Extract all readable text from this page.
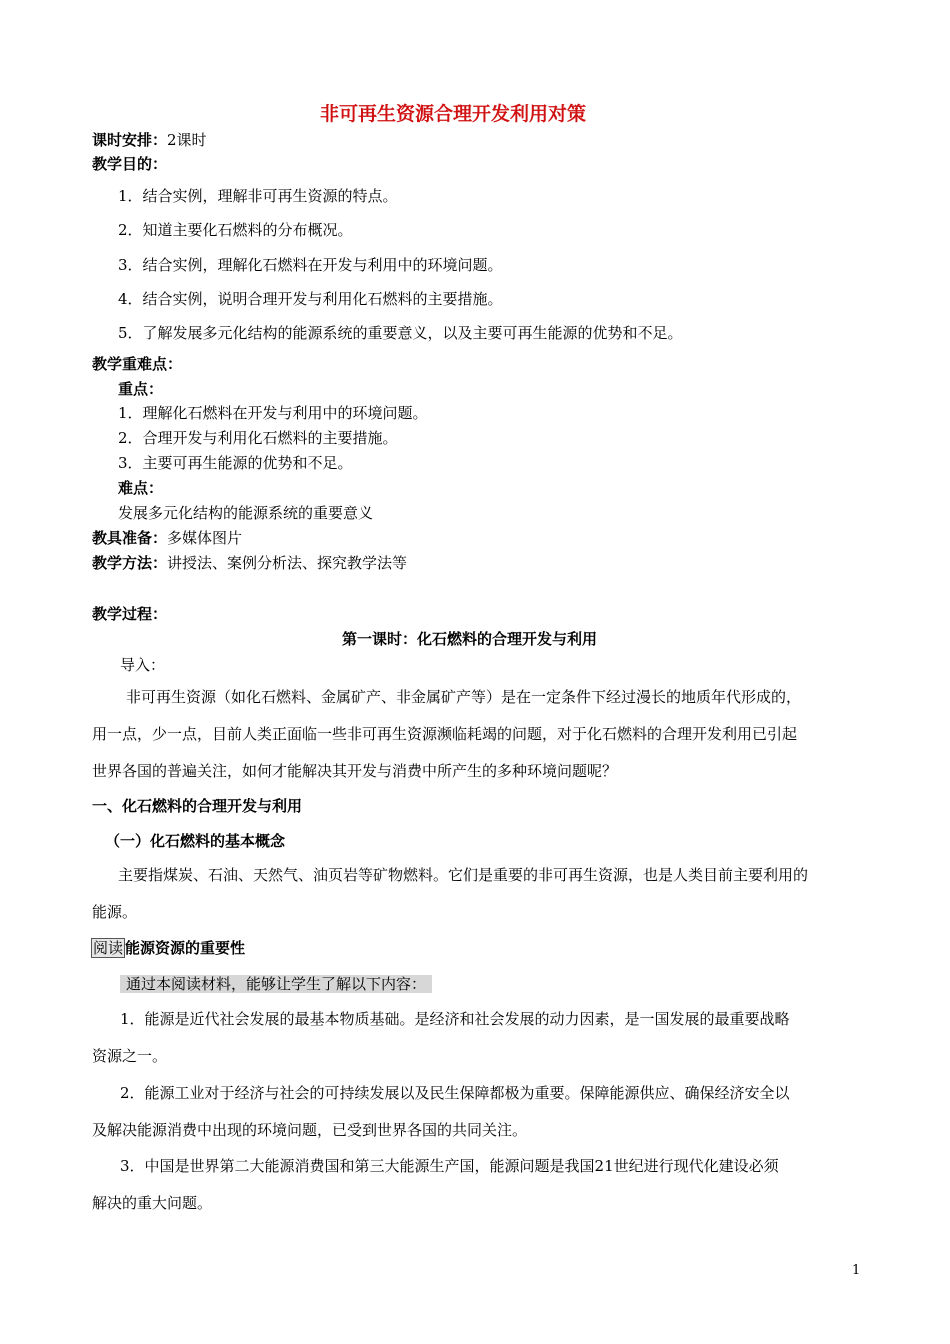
非可再生资源合理开发利用对策
课时安排：2课时
教学目的：
1．结合实例，理解非可再生资源的特点。
2．知道主要化石燃料的分布概况。
3．结合实例，理解化石燃料在开发与利用中的环境问题。
4．结合实例，说明合理开发与利用化石燃料的主要措施。
5．了解发展多元化结构的能源系统的重要意义，以及主要可再生能源的优势和不足。
教学重难点：
重点：
1．理解化石燃料在开发与利用中的环境问题。
2．合理开发与利用化石燃料的主要措施。
3．主要可再生能源的优势和不足。
难点：
发展多元化结构的能源系统的重要意义
教具准备：多媒体图片
教学方法：讲授法、案例分析法、探究教学法等
教学过程：
第一课时：化石燃料的合理开发与利用
导入：
非可再生资源（如化石燃料、金属矿产、非金属矿产等）是在一定条件下经过漫长的地质年代形成的，
用一点，少一点，目前人类正面临一些非可再生资源濒临耗竭的问题，对于化石燃料的合理开发利用已引起
世界各国的普遍关注，如何才能解决其开发与消费中所产生的多种环境问题呢？
一、化石燃料的合理开发与利用
（一）化石燃料的基本概念
主要指煤炭、石油、天然气、油页岩等矿物燃料。它们是重要的非可再生资源，也是人类目前主要利用的
能源。
阅读 能源资源的重要性
通过本阅读材料，能够让学生了解以下内容：
1．能源是近代社会发展的最基本物质基础。是经济和社会发展的动力因素，是一国发展的最重要战略
资源之一。
2．能源工业对于经济与社会的可持续发展以及民生保障都极为重要。保障能源供应、确保经济安全以
及解决能源消费中出现的环境问题，已受到世界各国的共同关注。
3．中国是世界第二大能源消费国和第三大能源生产国，能源问题是我国21世纪进行现代化建设必须
解决的重大问题。
1
